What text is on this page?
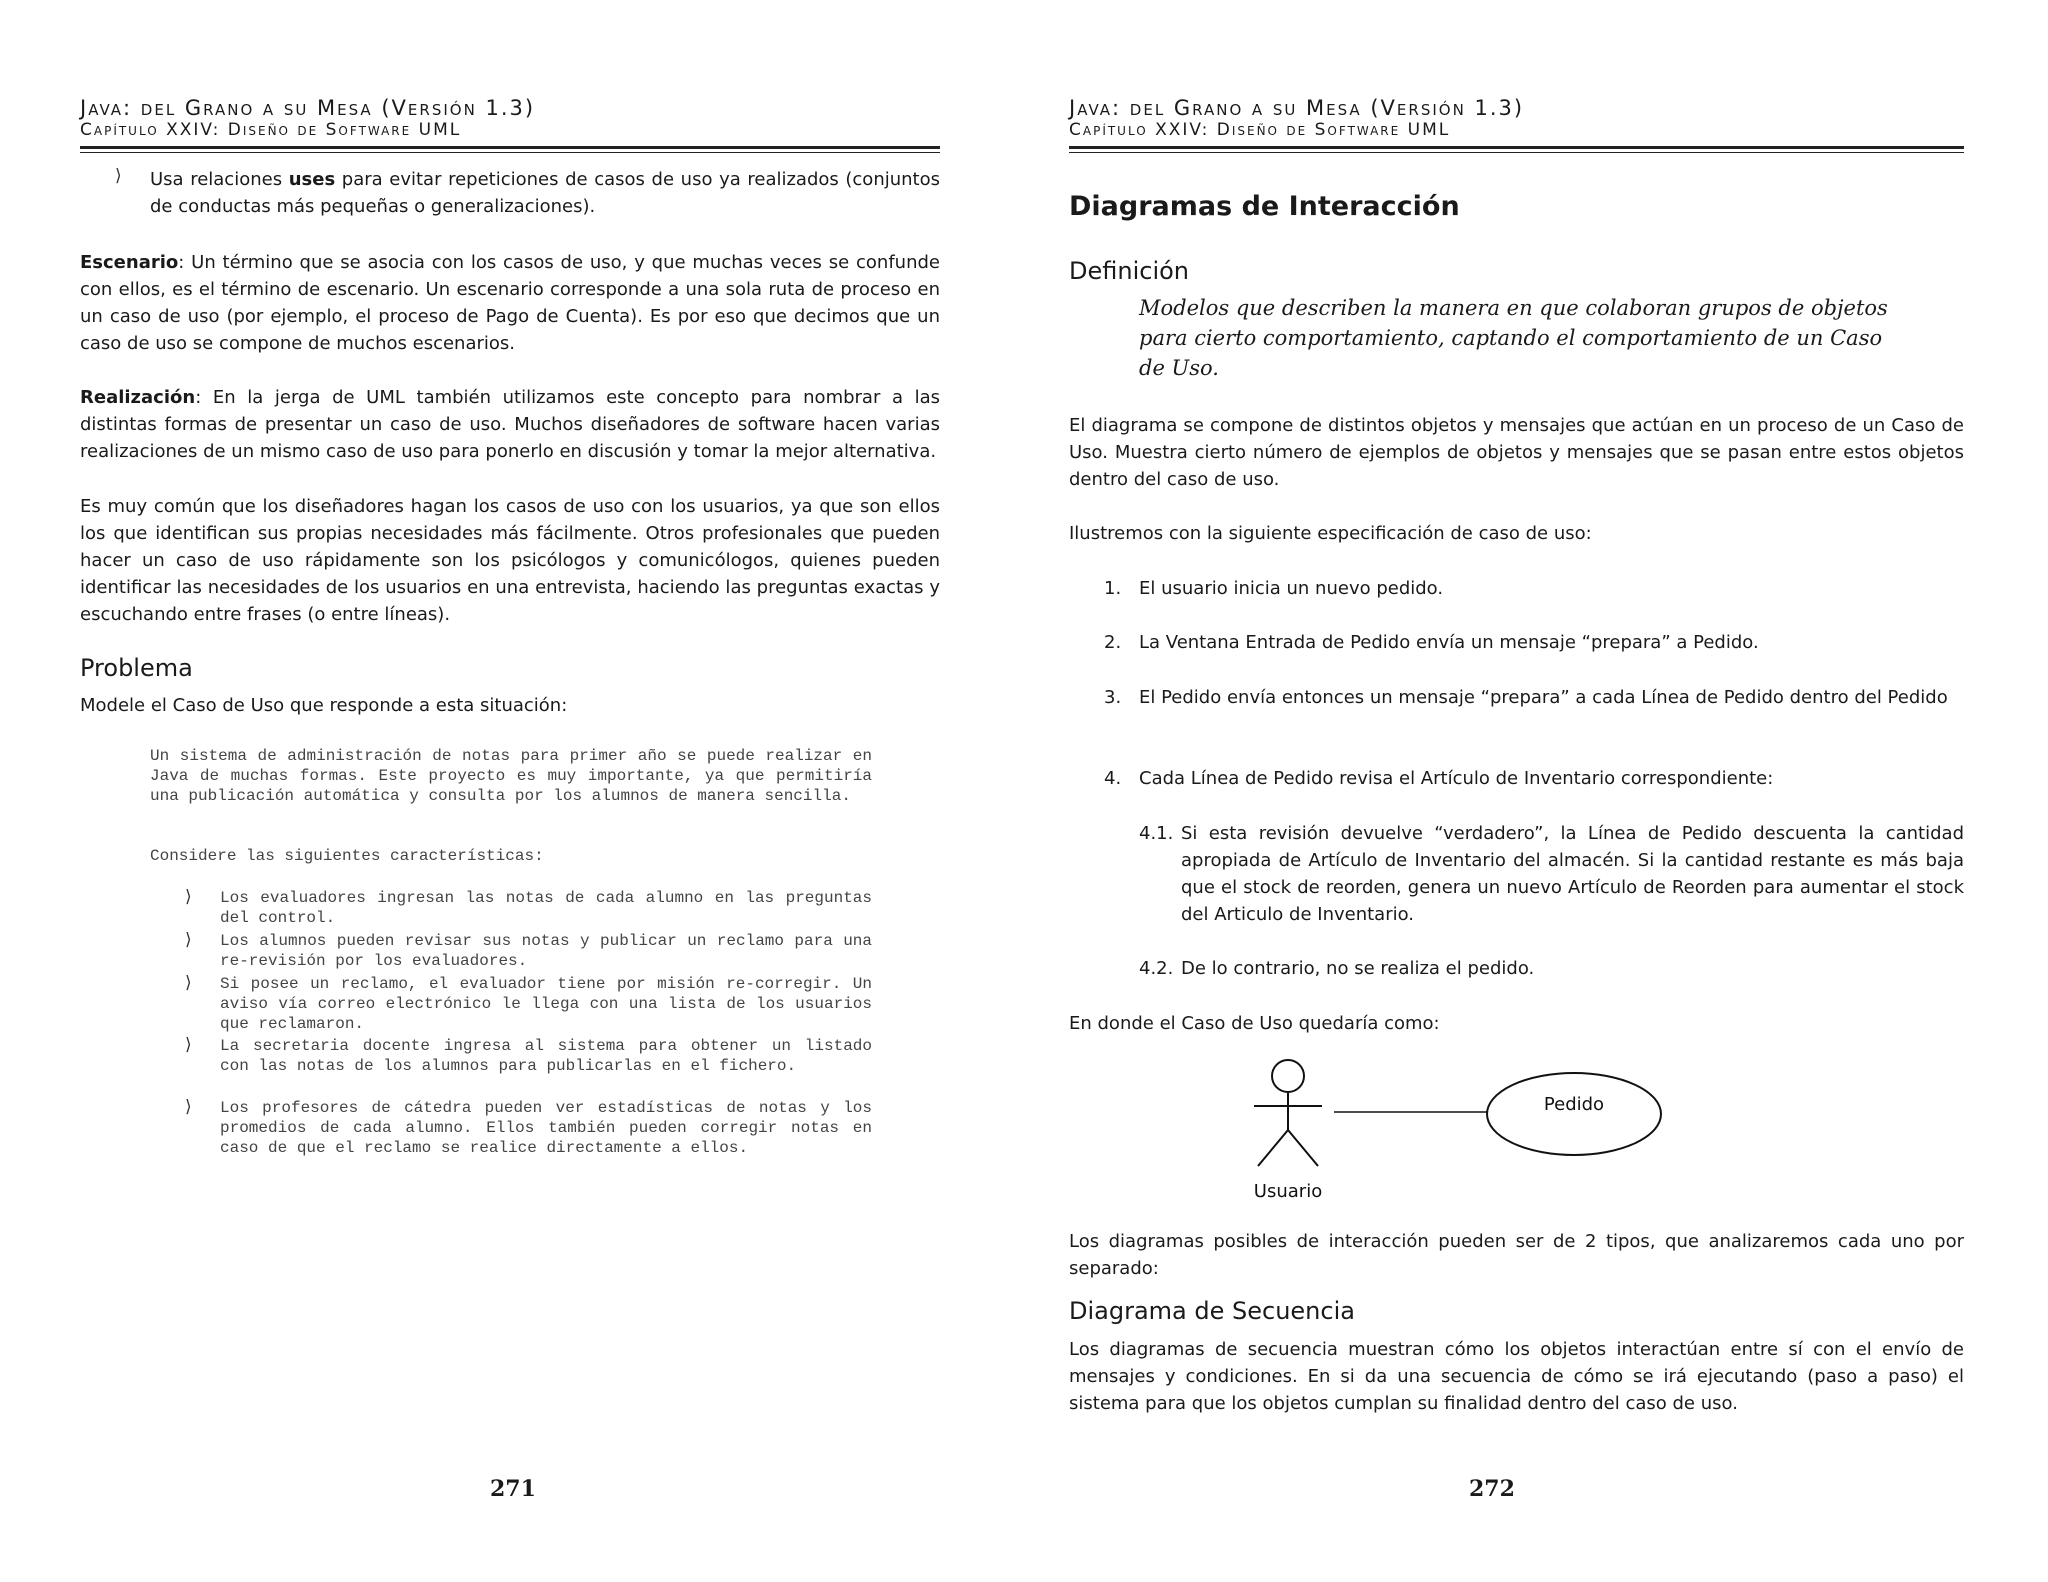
Java: del Grano a su Mesa (Versión 1.3)
Capítulo XXIV: Diseño de Software UML
⟩ Usa relaciones uses para evitar repeticiones de casos de uso ya realizados (conjuntos de conductas más pequeñas o generalizaciones).

Escenario: Un término que se asocia con los casos de uso, y que muchas veces se confunde con ellos, es el término de escenario. Un escenario corresponde a una sola ruta de proceso en un caso de uso (por ejemplo, el proceso de Pago de Cuenta). Es por eso que decimos que un caso de uso se compone de muchos escenarios.

Realización: En la jerga de UML también utilizamos este concepto para nombrar a las distintas formas de presentar un caso de uso. Muchos diseñadores de software hacen varias realizaciones de un mismo caso de uso para ponerlo en discusión y tomar la mejor alternativa.

Es muy común que los diseñadores hagan los casos de uso con los usuarios, ya que son ellos los que identifican sus propias necesidades más fácilmente. Otros profesionales que pueden hacer un caso de uso rápidamente son los psicólogos y comunicólogos, quienes pueden identificar las necesidades de los usuarios en una entrevista, haciendo las preguntas exactas y escuchando entre frases (o entre líneas).

Problema

Modele el Caso de Uso que responde a esta situación:

Un sistema de administración de notas para primer año se puede realizar en Java de muchas formas. Este proyecto es muy importante, ya que permitiría una publicación automática y consulta por los alumnos de manera sencilla.

Considere las siguientes características:

⟩ Los evaluadores ingresan las notas de cada alumno en las preguntas del control.

⟩ Los alumnos pueden revisar sus notas y publicar un reclamo para una re-revisión por los evaluadores.

⟩ Si posee un reclamo, el evaluador tiene por misión re-corregir. Un aviso vía correo electrónico le llega con una lista de los usuarios que reclamaron.

⟩ La secretaria docente ingresa al sistema para obtener un listado con las notas de los alumnos para publicarlas en el fichero.

⟩ Los profesores de cátedra pueden ver estadísticas de notas y los promedios de cada alumno. Ellos también pueden corregir notas en caso de que el reclamo se realice directamente a ellos.

271
Java: del Grano a su Mesa (Versión 1.3)
Capítulo XXIV: Diseño de Software UML
Diagramas de Interacción
Definición

Modelos que describen la manera en que colaboran grupos de objetos para cierto comportamiento, captando el comportamiento de un Caso de Uso.

El diagrama se compone de distintos objetos y mensajes que actúan en un proceso de un Caso de Uso. Muestra cierto número de ejemplos de objetos y mensajes que se pasan entre estos objetos dentro del caso de uso.

Ilustremos con la siguiente especificación de caso de uso:

1. El usuario inicia un nuevo pedido.

2. La Ventana Entrada de Pedido envía un mensaje “prepara” a Pedido.

3. El Pedido envía entonces un mensaje “prepara” a cada Línea de Pedido dentro del Pedido

4. Cada Línea de Pedido revisa el Artículo de Inventario correspondiente:

4.1. Si esta revisión devuelve “verdadero”, la Línea de Pedido descuenta la cantidad apropiada de Artículo de Inventario del almacén. Si la cantidad restante es más baja que el stock de reorden, genera un nuevo Artículo de Reorden para aumentar el stock del Articulo de Inventario.

4.2. De lo contrario, no se realiza el pedido.

En donde el Caso de Uso quedaría como:

Pedido
Usuario

Los diagramas posibles de interacción pueden ser de 2 tipos, que analizaremos cada uno por separado:

Diagrama de Secuencia

Los diagramas de secuencia muestran cómo los objetos interactúan entre sí con el envío de mensajes y condiciones. En si da una secuencia de cómo se irá ejecutando (paso a paso) el sistema para que los objetos cumplan su finalidad dentro del caso de uso.

272
